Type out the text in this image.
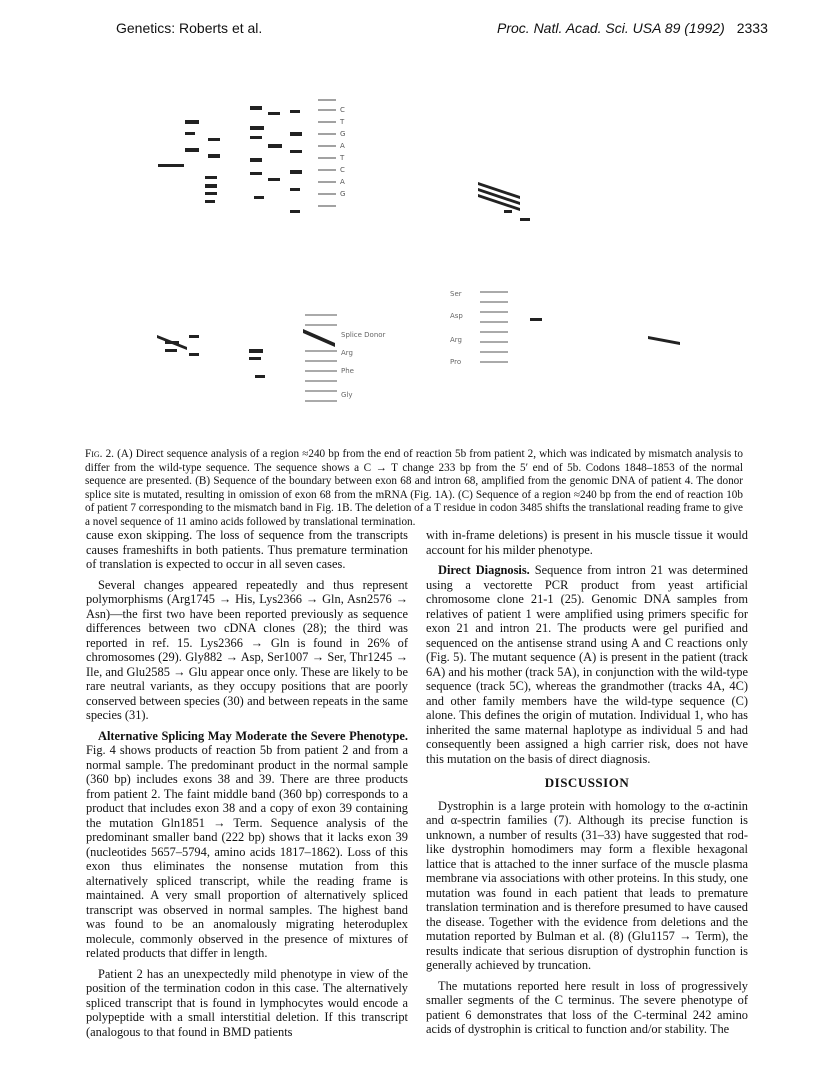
Genetics: Roberts et al.	Proc. Natl. Acad. Sci. USA 89 (1992) 2333
C
T
G
A
T
C
A
G
Splice Donor
Arg
Phe
Gly
Ser
Asp
Arg
Pro
Fig. 2. (A) Direct sequence analysis of a region ≈240 bp from the end of reaction 5b from patient 2, which was indicated by mismatch analysis to differ from the wild-type sequence. The sequence shows a C → T change 233 bp from the 5′ end of 5b. Codons 1848–1853 of the normal sequence are presented. (B) Sequence of the boundary between exon 68 and intron 68, amplified from the genomic DNA of patient 4. The donor splice site is mutated, resulting in omission of exon 68 from the mRNA (Fig. 1A). (C) Sequence of a region ≈240 bp from the end of reaction 10b of patient 7 corresponding to the mismatch band in Fig. 1B. The deletion of a T residue in codon 3485 shifts the translational reading frame to give a novel sequence of 11 amino acids followed by translational termination.

cause exon skipping. The loss of sequence from the transcripts causes frameshifts in both patients. Thus premature termination of translation is expected to occur in all seven cases.

Several changes appeared repeatedly and thus represent polymorphisms (Arg1745 → His, Lys2366 → Gln, Asn2576 → Asn)—the first two have been reported previously as sequence differences between two cDNA clones (28); the third was reported in ref. 15. Lys2366 → Gln is found in 26% of chromosomes (29). Gly882 → Asp, Ser1007 → Ser, Thr1245 → Ile, and Glu2585 → Glu appear once only. These are likely to be rare neutral variants, as they occupy positions that are poorly conserved between species (30) and between repeats in the same species (31).

Alternative Splicing May Moderate the Severe Phenotype. Fig. 4 shows products of reaction 5b from patient 2 and from a normal sample. The predominant product in the normal sample (360 bp) includes exons 38 and 39. There are three products from patient 2. The faint middle band (360 bp) corresponds to a product that includes exon 38 and a copy of exon 39 containing the mutation Gln1851 → Term. Sequence analysis of the predominant smaller band (222 bp) shows that it lacks exon 39 (nucleotides 5657–5794, amino acids 1817–1862). Loss of this exon thus eliminates the nonsense mutation from this alternatively spliced transcript, while the reading frame is maintained. A very small proportion of alternatively spliced transcript was observed in normal samples. The highest band was found to be an anomalously migrating heteroduplex molecule, commonly observed in the presence of mixtures of related products that differ in length.

Patient 2 has an unexpectedly mild phenotype in view of the position of the termination codon in this case. The alternatively spliced transcript that is found in lymphocytes would encode a polypeptide with a small interstitial deletion. If this transcript (analogous to that found in BMD patients

with in-frame deletions) is present in his muscle tissue it would account for his milder phenotype.

Direct Diagnosis. Sequence from intron 21 was determined using a vectorette PCR product from yeast artificial chromosome clone 21-1 (25). Genomic DNA samples from relatives of patient 1 were amplified using primers specific for exon 21 and intron 21. The products were gel purified and sequenced on the antisense strand using A and C reactions only (Fig. 5). The mutant sequence (A) is present in the patient (track 6A) and his mother (track 5A), in conjunction with the wild-type sequence (track 5C), whereas the grandmother (tracks 4A, 4C) and other family members have the wild-type sequence (C) alone. This defines the origin of mutation. Individual 1, who has inherited the same maternal haplotype as individual 5 and had consequently been assigned a high carrier risk, does not have this mutation on the basis of direct diagnosis.

DISCUSSION

Dystrophin is a large protein with homology to the α-actinin and α-spectrin families (7). Although its precise function is unknown, a number of results (31–33) have suggested that rod-like dystrophin homodimers may form a flexible hexagonal lattice that is attached to the inner surface of the muscle plasma membrane via associations with other proteins. In this study, one mutation was found in each patient that leads to premature translation termination and is therefore presumed to have caused the disease. Together with the evidence from deletions and the mutation reported by Bulman et al. (8) (Glu1157 → Term), the results indicate that serious disruption of dystrophin function is generally achieved by truncation.

The mutations reported here result in loss of progressively smaller segments of the C terminus. The severe phenotype of patient 6 demonstrates that loss of the C-terminal 242 amino acids of dystrophin is critical to function and/or stability. The
